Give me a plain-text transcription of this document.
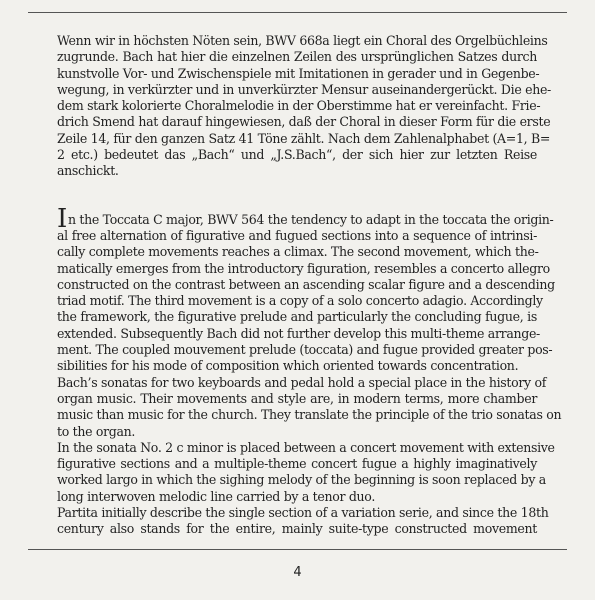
Wenn wir in höchsten Nöten sein, BWV 668a liegt ein Choral des Orgelbüchleins
zugrunde. Bach hat hier die einzelnen Zeilen des ursprünglichen Satzes durch
kunstvolle Vor- und Zwischenspiele mit Imitationen in gerader und in Gegenbe-
wegung, in verkürzter und in unverkürzter Mensur auseinandergerückt. Die ehe-
dem stark kolorierte Choralmelodie in der Oberstimme hat er vereinfacht. Frie-
drich Smend hat darauf hingewiesen, daß der Choral in dieser Form für die erste
Zeile 14, für den ganzen Satz 41 Töne zählt. Nach dem Zahlenalphabet (A=1, B=
2 etc.) bedeutet das „Bach“ und „J.S.Bach“, der sich hier zur letzten Reise
anschickt.
In the Toccata C major, BWV 564 the tendency to adapt in the toccata the origin-
al free alternation of figurative and fugued sections into a sequence of intrinsi-
cally complete movements reaches a climax. The second movement, which the-
matically emerges from the introductory figuration, resembles a concerto allegro
constructed on the contrast between an ascending scalar figure and a descending
triad motif. The third movement is a copy of a solo concerto adagio. Accordingly
the framework, the figurative prelude and particularly the concluding fugue, is
extended. Subsequently Bach did not further develop this multi-theme arrange-
ment. The coupled mouvement prelude (toccata) and fugue provided greater pos-
sibilities for his mode of composition which oriented towards concentration.
Bach’s sonatas for two keyboards and pedal hold a special place in the history of
organ music. Their movements and style are, in modern terms, more chamber
music than music for the church. They translate the principle of the trio sonatas on
to the organ.
In the sonata No. 2 c minor is placed between a concert movement with extensive
figurative sections and a multiple-theme concert fugue a highly imaginatively
worked largo in which the sighing melody of the beginning is soon replaced by a
long interwoven melodic line carried by a tenor duo.
Partita initially describe the single section of a variation serie, and since the 18th
century also stands for the entire, mainly suite-type constructed movement
4
